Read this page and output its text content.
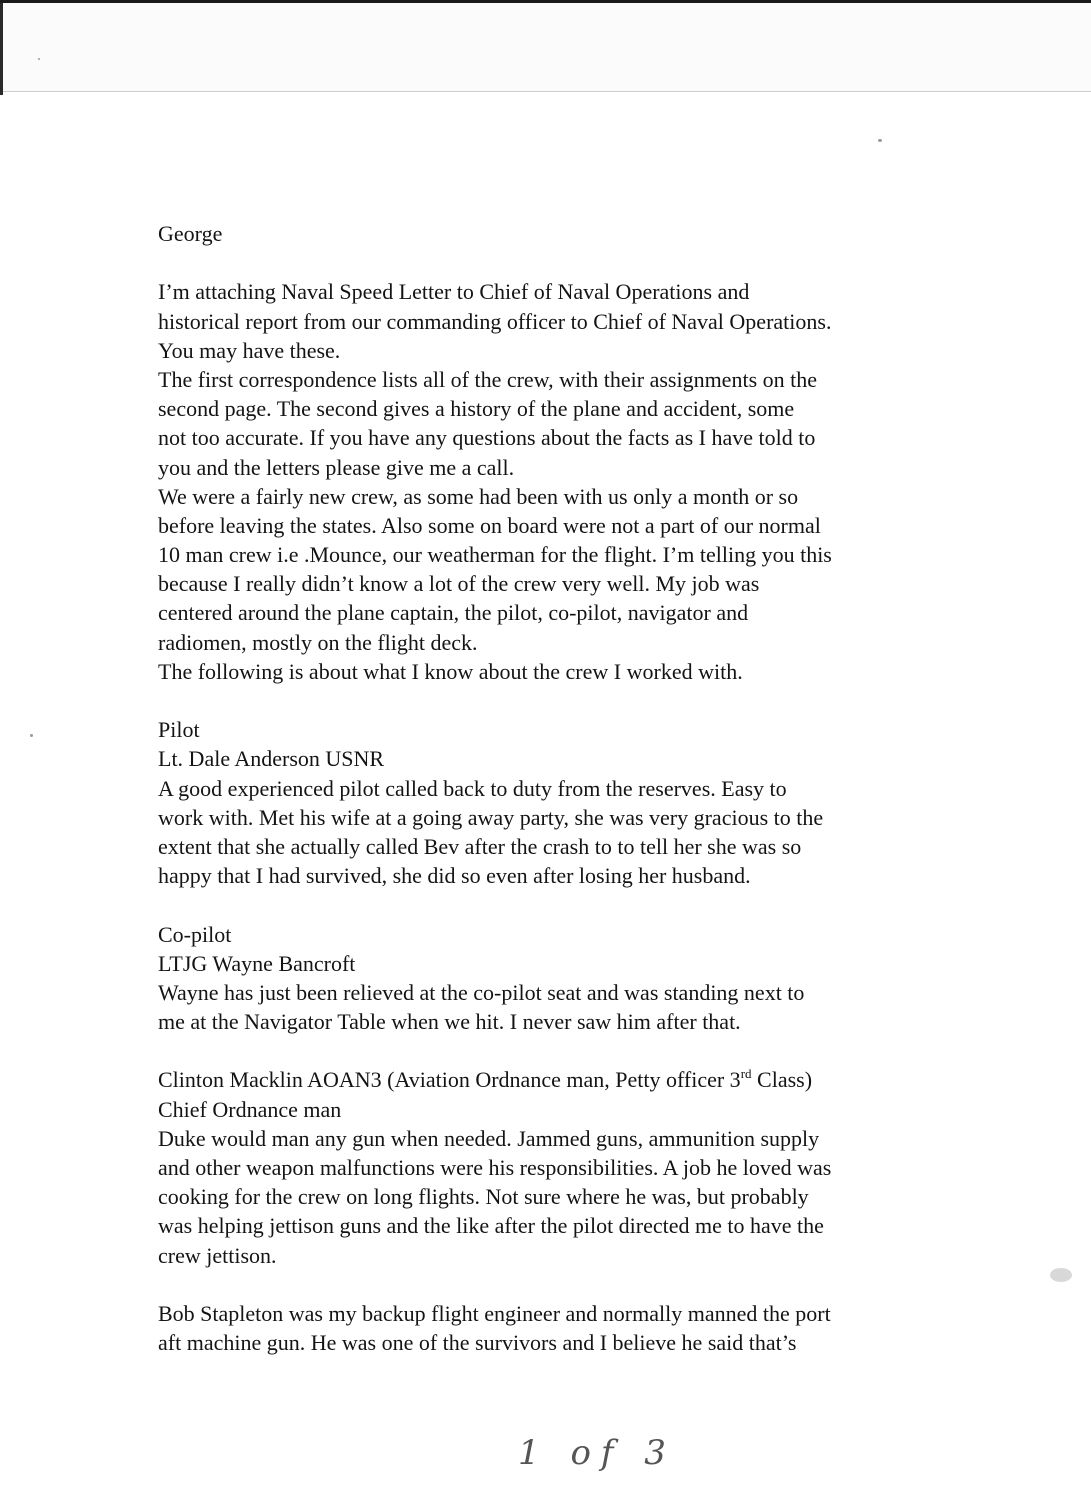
George
I’m attaching Naval Speed Letter to Chief of Naval Operations and
historical report from our commanding officer to Chief of Naval Operations.
You may have these.
The first correspondence lists all of the crew, with their assignments on the
second page. The second gives a history of the plane and accident, some
not too accurate. If you have any questions about the facts as I have told to
you and the letters please give me a call.
We were a fairly new crew, as some had been with us only a month or so
before leaving the states. Also some on board were not a part of our normal
10 man crew i.e .Mounce, our weatherman for the flight. I’m telling you this
because I really didn’t know a lot of the crew very well. My job was
centered around the plane captain, the pilot, co-pilot, navigator and
radiomen, mostly on the flight deck.
The following is about what I know about the crew I worked with.
Pilot
Lt. Dale Anderson USNR
A good experienced pilot called back to duty from the reserves. Easy to
work with. Met his wife at a going away party, she was very gracious to the
extent that she actually called Bev after the crash to to tell her she was so
happy that I had survived, she did so even after losing her husband.
Co-pilot
LTJG Wayne Bancroft
Wayne has just been relieved at the co-pilot seat and was standing next to
me at the Navigator Table when we hit. I never saw him after that.
Clinton Macklin AOAN3 (Aviation Ordnance man, Petty officer 3rd Class)
Chief Ordnance man
Duke would man any gun when needed. Jammed guns, ammunition supply
and other weapon malfunctions were his responsibilities. A job he loved was
cooking for the crew on long flights. Not sure where he was, but probably
was helping jettison guns and the like after the pilot directed me to have the
crew jettison.
Bob Stapleton was my backup flight engineer and normally manned the port
aft machine gun. He was one of the survivors and I believe he said that’s
1 of 3
